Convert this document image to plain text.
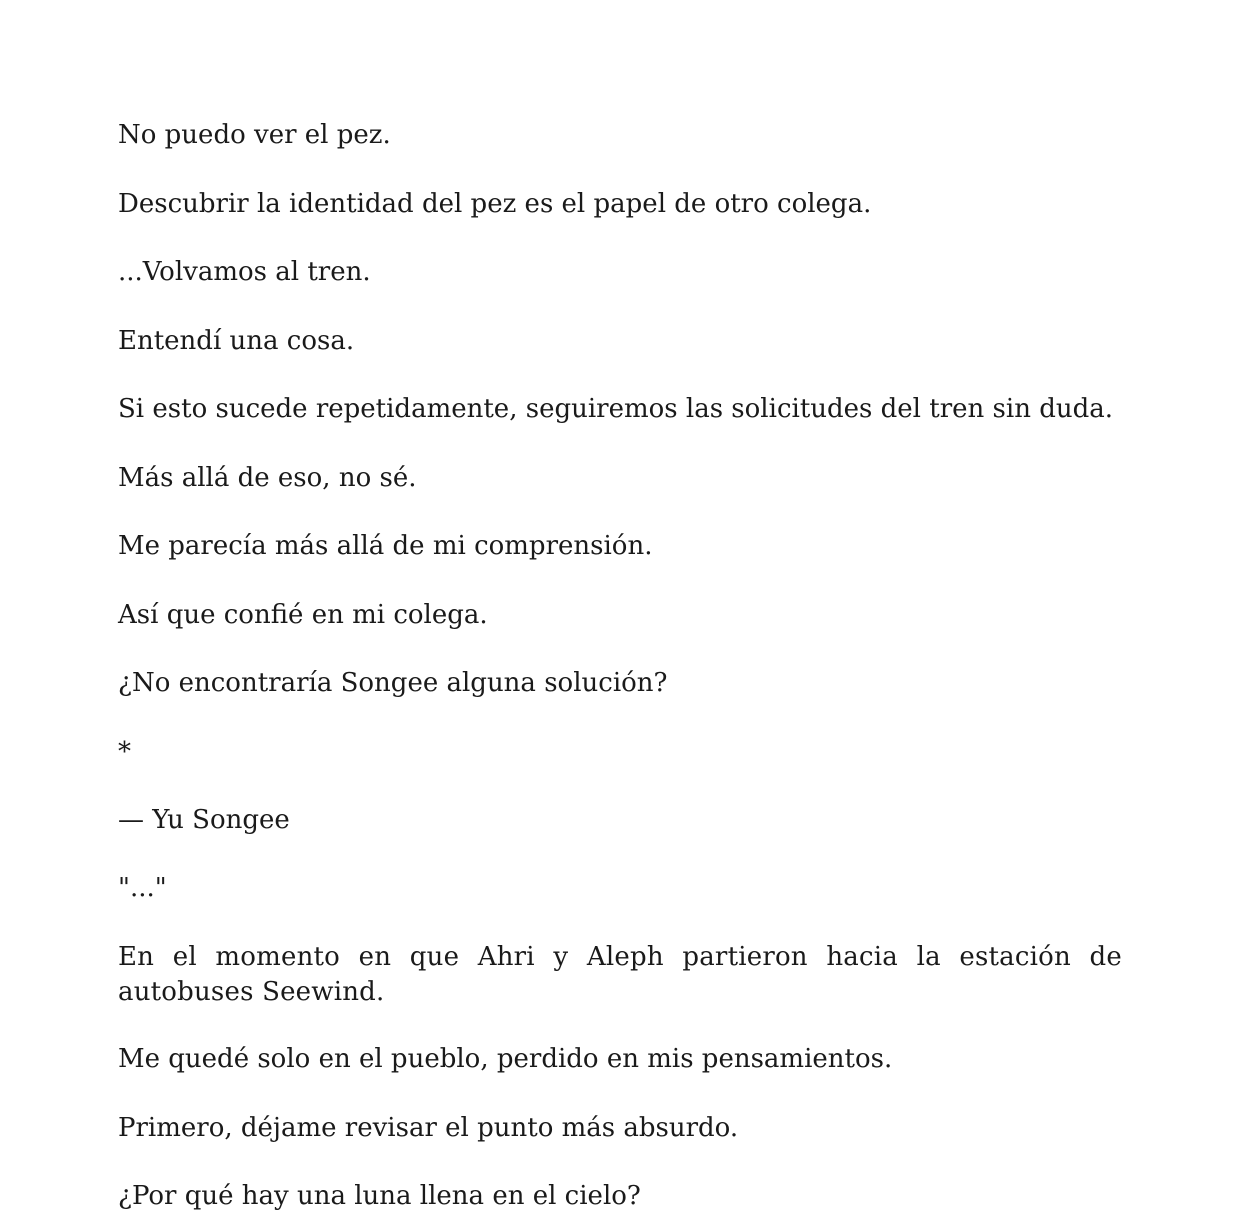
No puedo ver el pez.

Descubrir la identidad del pez es el papel de otro colega.

...Volvamos al tren.

Entendí una cosa.

Si esto sucede repetidamente, seguiremos las solicitudes del tren sin duda.

Más allá de eso, no sé.

Me parecía más allá de mi comprensión.

Así que confié en mi colega.

¿No encontraría Songee alguna solución?

*

— Yu Songee

"..."

En el momento en que Ahri y Aleph partieron hacia la estación de autobuses Seewind.

Me quedé solo en el pueblo, perdido en mis pensamientos.

Primero, déjame revisar el punto más absurdo.

¿Por qué hay una luna llena en el cielo?
